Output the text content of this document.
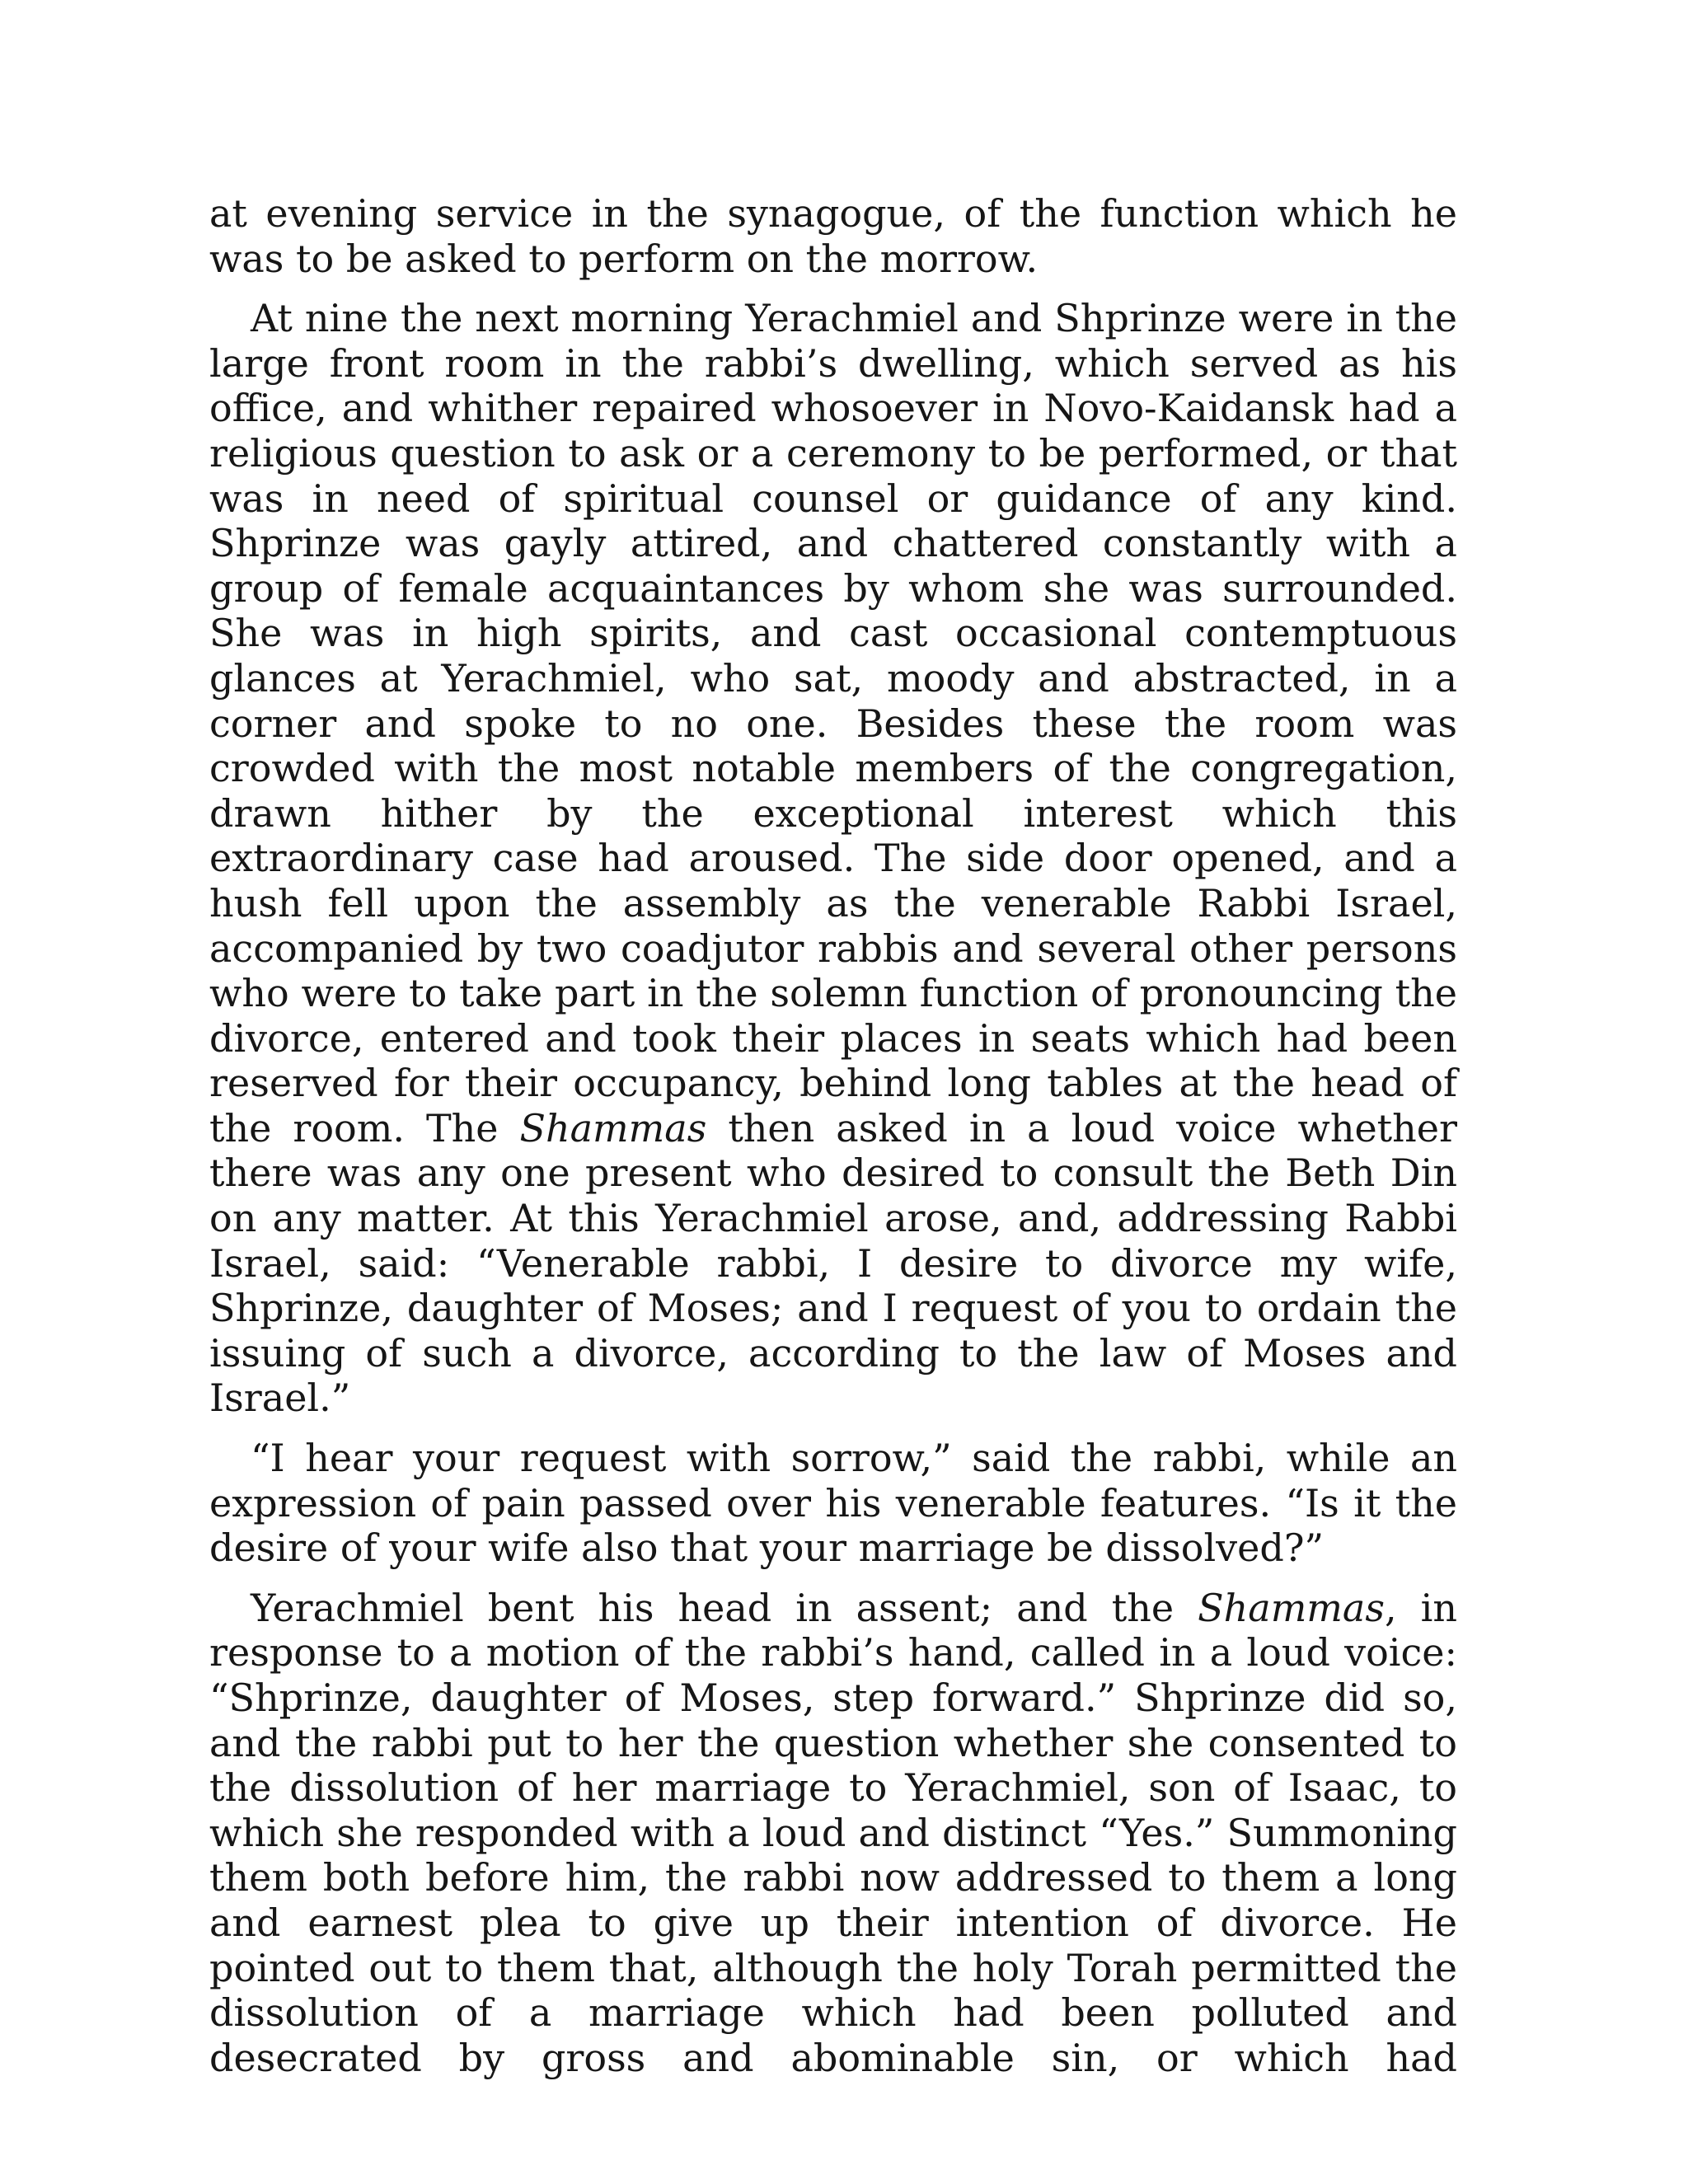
at evening service in the synagogue, of the function which he was to be asked to perform on the morrow.

At nine the next morning Yerachmiel and Shprinze were in the large front room in the rabbi’s dwelling, which served as his office, and whither repaired whosoever in Novo-Kaidansk had a religious question to ask or a ceremony to be performed, or that was in need of spiritual counsel or guidance of any kind. Shprinze was gayly attired, and chattered constantly with a group of female acquaintances by whom she was surrounded. She was in high spirits, and cast occasional contemptuous glances at Yerachmiel, who sat, moody and abstracted, in a corner and spoke to no one. Besides these the room was crowded with the most notable members of the congregation, drawn hither by the exceptional interest which this extraordinary case had aroused. The side door opened, and a hush fell upon the assembly as the venerable Rabbi Israel, accompanied by two coadjutor rabbis and several other persons who were to take part in the solemn function of pronouncing the divorce, entered and took their places in seats which had been reserved for their occupancy, behind long tables at the head of the room. The Shammas then asked in a loud voice whether there was any one present who desired to consult the Beth Din on any matter. At this Yerachmiel arose, and, addressing Rabbi Israel, said: “Venerable rabbi, I desire to divorce my wife, Shprinze, daughter of Moses; and I request of you to ordain the issuing of such a divorce, according to the law of Moses and Israel.”

“I hear your request with sorrow,” said the rabbi, while an expression of pain passed over his venerable features. “Is it the desire of your wife also that your marriage be dissolved?”

Yerachmiel bent his head in assent; and the Shammas, in response to a motion of the rabbi’s hand, called in a loud voice: “Shprinze, daughter of Moses, step forward.” Shprinze did so, and the rabbi put to her the question whether she consented to the dissolution of her marriage to Yerachmiel, son of Isaac, to which she responded with a loud and distinct “Yes.” Summoning them both before him, the rabbi now addressed to them a long and earnest plea to give up their intention of divorce. He pointed out to them that, although the holy Torah permitted the dissolution of a marriage which had been polluted and desecrated by gross and abominable sin, or which had
